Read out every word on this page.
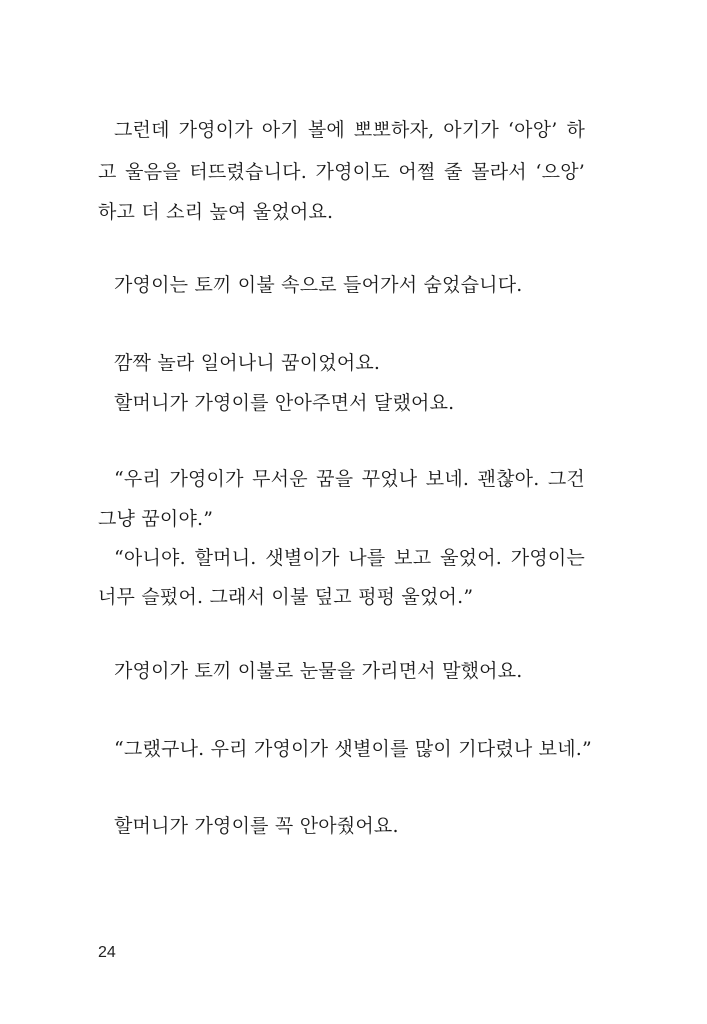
그런데 가영이가 아기 볼에 뽀뽀하자, 아기가 ‘아앙’ 하
고 울음을 터뜨렸습니다. 가영이도 어쩔 줄 몰라서 ‘으앙’
하고 더 소리 높여 울었어요.
가영이는 토끼 이불 속으로 들어가서 숨었습니다.
깜짝 놀라 일어나니 꿈이었어요.
할머니가 가영이를 안아주면서 달랬어요.
“우리 가영이가 무서운 꿈을 꾸었나 보네. 괜찮아. 그건
그냥 꿈이야.”
“아니야. 할머니. 샛별이가 나를 보고 울었어. 가영이는
너무 슬펐어. 그래서 이불 덮고 펑펑 울었어.”
가영이가 토끼 이불로 눈물을 가리면서 말했어요.
“그랬구나. 우리 가영이가 샛별이를 많이 기다렸나 보네.”
할머니가 가영이를 꼭 안아줬어요.
24
